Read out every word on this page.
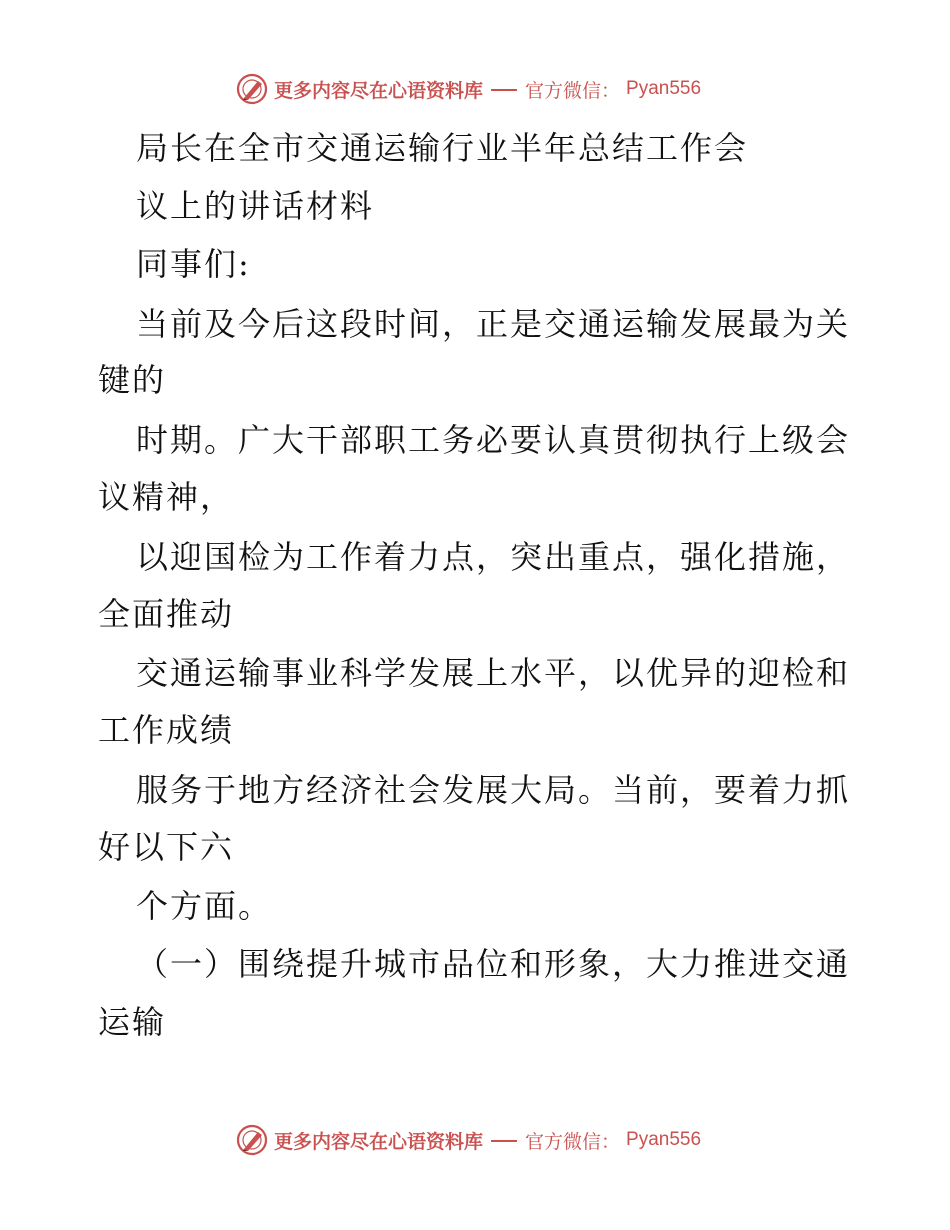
更多内容尽在心语资料库 官方微信： Pyan556
局长在全市交通运输行业半年总结工作会
议上的讲话材料
同事们:
当前及今后这段时间，正是交通运输发展最为关
键的
时期。广大干部职工务必要认真贯彻执行上级会
议精神，
以迎国检为工作着力点，突出重点，强化措施，
全面推动
交通运输事业科学发展上水平，以优异的迎检和
工作成绩
服务于地方经济社会发展大局。当前，要着力抓
好以下六
个方面。
（一）围绕提升城市品位和形象，大力推进交通
运输
更多内容尽在心语资料库 官方微信： Pyan556
